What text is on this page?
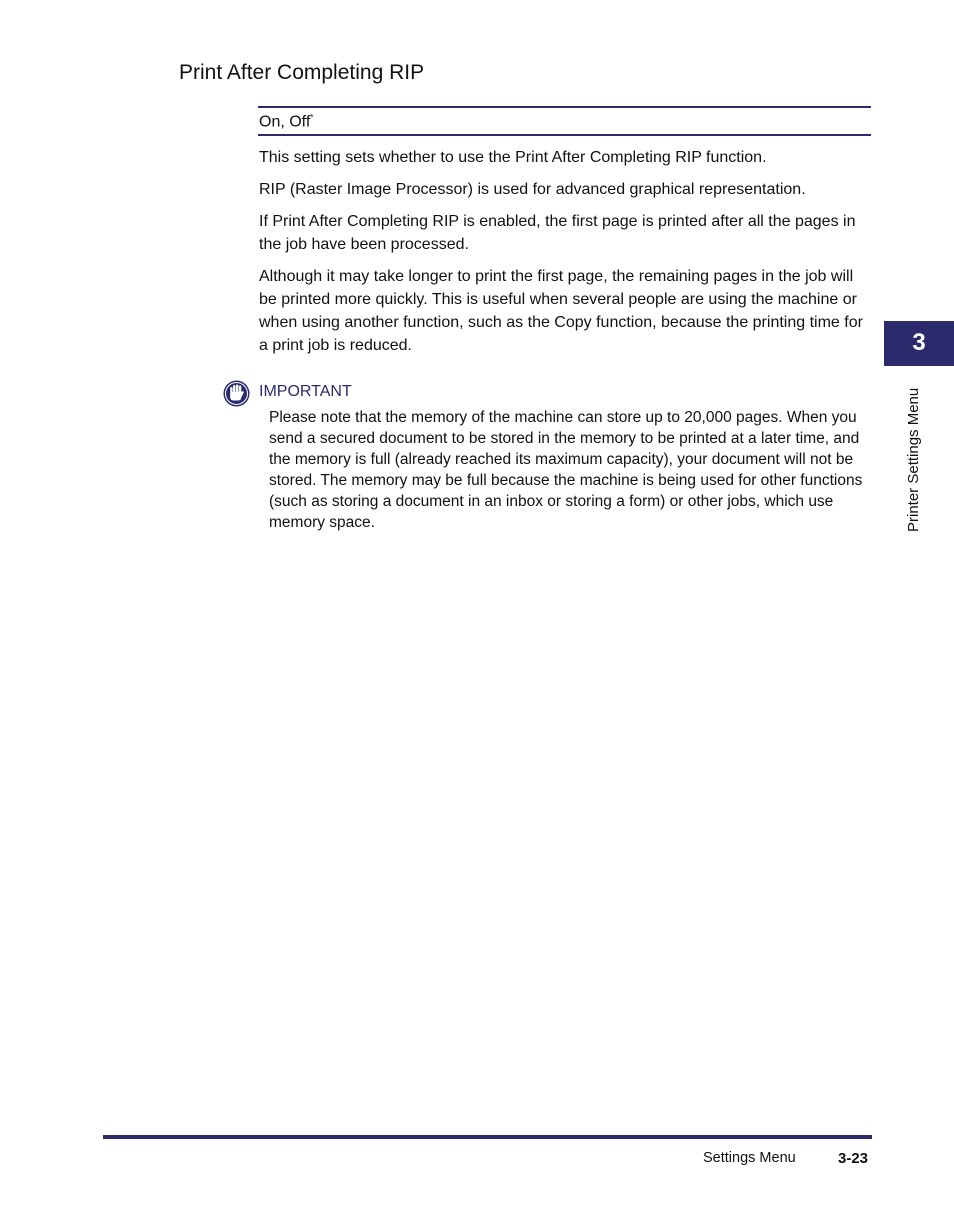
Print After Completing RIP
On, Off*

This setting sets whether to use the Print After Completing RIP function.

RIP (Raster Image Processor) is used for advanced graphical representation.

If Print After Completing RIP is enabled, the first page is printed after all the pages in the job have been processed.

Although it may take longer to print the first page, the remaining pages in the job will be printed more quickly. This is useful when several people are using the machine or when using another function, such as the Copy function, because the printing time for a print job is reduced.

IMPORTANT

Please note that the memory of the machine can store up to 20,000 pages. When you send a secured document to be stored in the memory to be printed at a later time, and the memory is full (already reached its maximum capacity), your document will not be stored. The memory may be full because the machine is being used for other functions (such as storing a document in an inbox or storing a form) or other jobs, which use memory space.

3
Printer Settings Menu
Settings Menu	3-23
